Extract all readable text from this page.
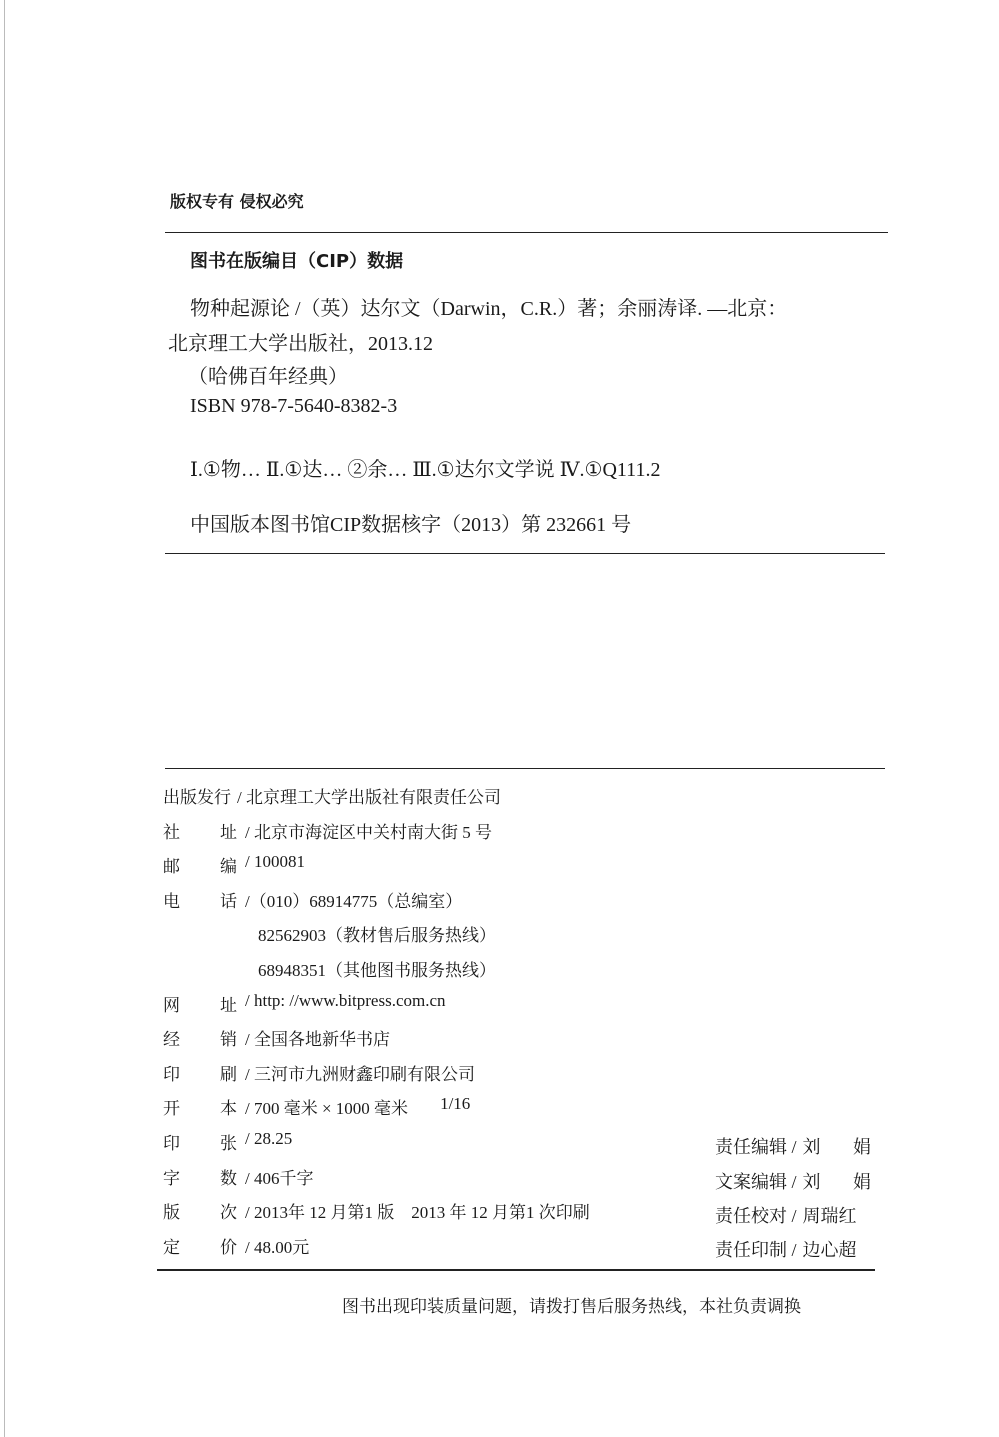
版权专有 侵权必究
图书在版编目（CIP）数据
物种起源论 /（英）达尔文（Darwin，C.R.）著；余丽涛译. —北京：
北京理工大学出版社，2013.12
（哈佛百年经典）
ISBN 978-7-5640-8382-3
Ⅰ.①物… Ⅱ.①达… ②余… Ⅲ.①达尔文学说 Ⅳ.①Q111.2
中国版本图书馆CIP数据核字（2013）第 232661 号
出版发行 / 北京理工大学出版社有限责任公司
社	址 / 北京市海淀区中关村南大街 5 号
邮	编 / 100081
电	话 /（010）68914775（总编室）
82562903（教材售后服务热线）
68948351（其他图书服务热线）
网	址 / http: //www.bitpress.com.cn
经	销 / 全国各地新华书店
印	刷 / 三河市九洲财鑫印刷有限公司
开	本 / 700 毫米 × 1000 毫米 1/16
印	张 / 28.25
字	数 / 406千字
版	次 / 2013年 12 月第1 版　2013 年 12 月第1 次印刷
定	价 / 48.00元
责任编辑 / 刘 娟
文案编辑 / 刘 娟
责任校对 / 周瑞红
责任印制 / 边心超
图书出现印装质量问题，请拨打售后服务热线，本社负责调换
